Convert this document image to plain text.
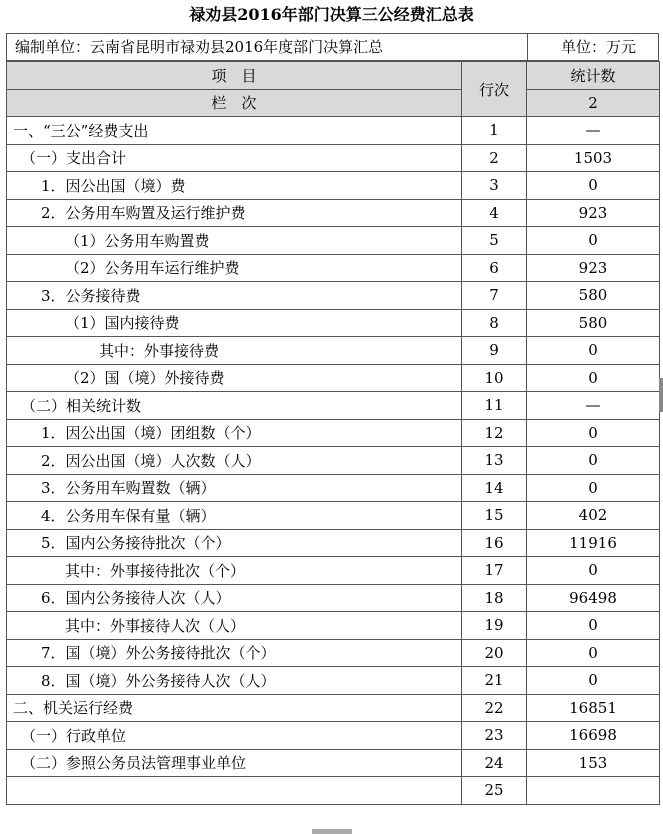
禄劝县2016年部门决算三公经费汇总表
编制单位：云南省昆明市禄劝县2016年度部门决算汇总	单位：万元
项　目	行次	统计数
栏　次		2
一、“三公”经费支出	1	—
（一）支出合计	2	1503
1．因公出国（境）费	3	0
2．公务用车购置及运行维护费	4	923
（1）公务用车购置费	5	0
（2）公务用车运行维护费	6	923
3．公务接待费	7	580
（1）国内接待费	8	580
其中：外事接待费	9	0
（2）国（境）外接待费	10	0
（二）相关统计数	11	—
1．因公出国（境）团组数（个）	12	0
2．因公出国（境）人次数（人）	13	0
3．公务用车购置数（辆）	14	0
4．公务用车保有量（辆）	15	402
5．国内公务接待批次（个）	16	11916
其中：外事接待批次（个）	17	0
6．国内公务接待人次（人）	18	96498
其中：外事接待人次（人）	19	0
7．国（境）外公务接待批次（个）	20	0
8．国（境）外公务接待人次（人）	21	0
二、机关运行经费	22	16851
（一）行政单位	23	16698
（二）参照公务员法管理事业单位	24	153
	25	
